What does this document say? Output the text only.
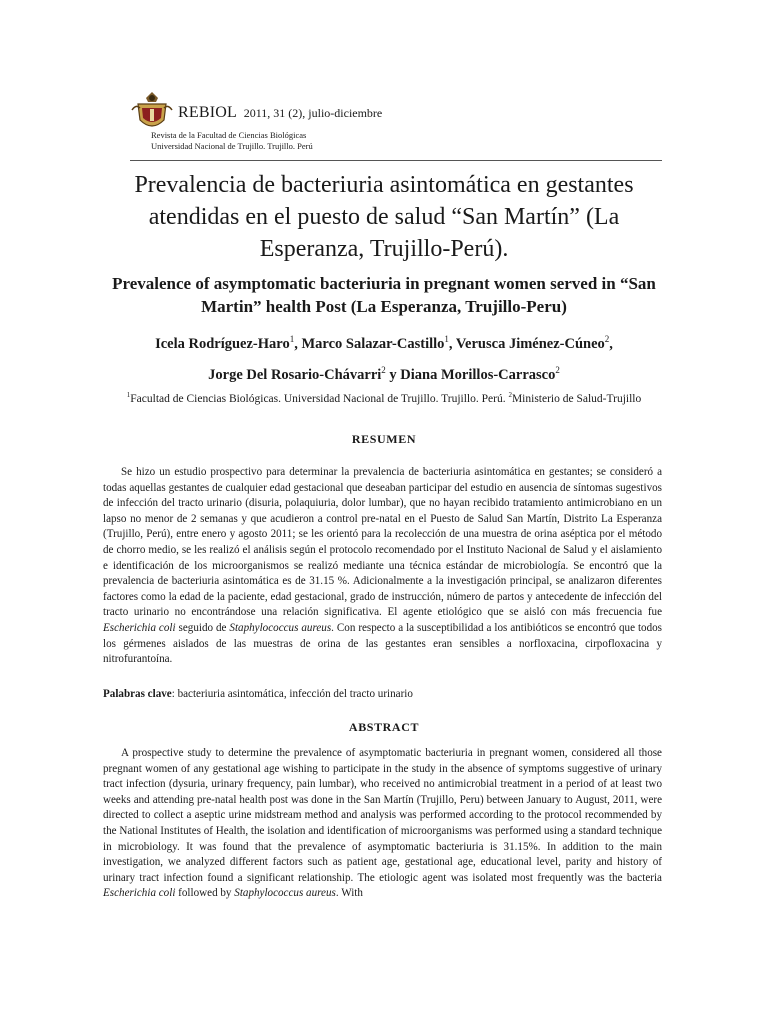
REBIOL 2011, 31 (2), julio-diciembre
Revista de la Facultad de Ciencias Biológicas
Universidad Nacional de Trujillo. Trujillo. Perú
Prevalencia de bacteriuria asintomática en gestantes atendidas en el puesto de salud “San Martín” (La Esperanza, Trujillo-Perú).
Prevalence of asymptomatic bacteriuria in pregnant women served in “San Martin” health Post (La Esperanza, Trujillo-Peru)
Icela Rodríguez-Haro$^1$, Marco Salazar-Castillo$^1$, Verusca Jiménez-Cúneo$^2$,
Jorge Del Rosario-Chávarri$^2$ y Diana Morillos-Carrasco$^2$
$^1$Facultad de Ciencias Biológicas. Universidad Nacional de Trujillo. Trujillo. Perú. $^2$Ministerio de Salud-Trujillo
RESUMEN

Se hizo un estudio prospectivo para determinar la prevalencia de bacteriuria asintomática en gestantes; se consideró a todas aquellas gestantes de cualquier edad gestacional que deseaban participar del estudio en ausencia de síntomas sugestivos de infección del tracto urinario (disuria, polaquiuria, dolor lumbar), que no hayan recibido tratamiento antimicrobiano en un lapso no menor de 2 semanas y que acudieron a control pre-natal en el Puesto de Salud San Martín, Distrito La Esperanza (Trujillo, Perú), entre enero y agosto 2011; se les orientó para la recolección de una muestra de orina aséptica por el método de chorro medio, se les realizó el análisis según el protocolo recomendado por el Instituto Nacional de Salud y el aislamiento e identificación de los microorganismos se realizó mediante una técnica estándar de microbiología. Se encontró que la prevalencia de bacteriuria asintomática es de 31.15 %. Adicionalmente a la investigación principal, se analizaron diferentes factores como la edad de la paciente, edad gestacional, grado de instrucción, número de partos y antecedente de infección del tracto urinario no encontrándose una relación significativa. El agente etiológico que se aisló con más frecuencia fue Escherichia coli seguido de Staphylococcus aureus. Con respecto a la susceptibilidad a los antibióticos se encontró que todos los gérmenes aislados de las muestras de orina de las gestantes eran sensibles a norfloxacina, cirpofloxacina y nitrofurantoína.

Palabras clave: bacteriuria asintomática, infección del tracto urinario
ABSTRACT

A prospective study to determine the prevalence of asymptomatic bacteriuria in pregnant women, considered all those pregnant women of any gestational age wishing to participate in the study in the absence of symptoms suggestive of urinary tract infection (dysuria, urinary frequency, pain lumbar), who received no antimicrobial treatment in a period of at least two weeks and attending pre-natal health post was done in the San Martín (Trujillo, Peru) between January to August, 2011, were directed to collect a aseptic urine midstream method and analysis was performed according to the protocol recommended by the National Institutes of Health, the isolation and identification of microorganisms was performed using a standard technique in microbiology. It was found that the prevalence of asymptomatic bacteriuria is 31.15%. In addition to the main investigation, we analyzed different factors such as patient age, gestational age, educational level, parity and history of urinary tract infection found a significant relationship. The etiologic agent was isolated most frequently was the bacteria Escherichia coli followed by Staphylococcus aureus. With
